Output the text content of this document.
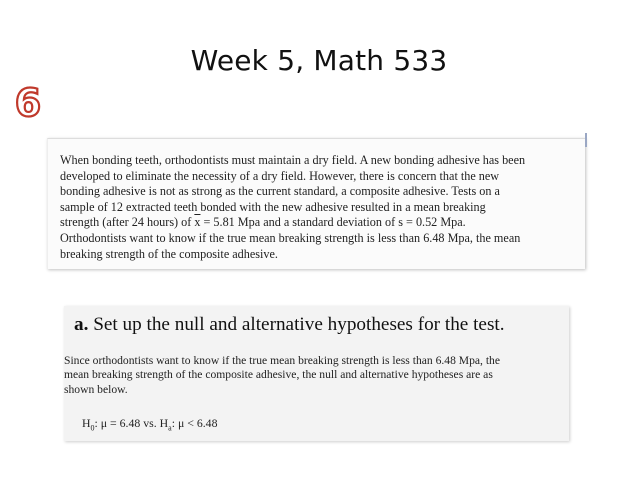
Week 5, Math 533
6
When bonding teeth, orthodontists must maintain a dry field. A new bonding adhesive has been
developed to eliminate the necessity of a dry field. However, there is concern that the new
bonding adhesive is not as strong as the current standard, a composite adhesive. Tests on a
sample of 12 extracted teeth bonded with the new adhesive resulted in a mean breaking
strength (after 24 hours) of $\overline{x} = 5.81$ Mpa and a standard deviation of s = 0.52 Mpa.
Orthodontists want to know if the true mean breaking strength is less than 6.48 Mpa, the mean
breaking strength of the composite adhesive.
a. Set up the null and alternative hypotheses for the test.
Since orthodontists want to know if the true mean breaking strength is less than 6.48 Mpa, the
mean breaking strength of the composite adhesive, the null and alternative hypotheses are as
shown below.
$H_0$: μ = 6.48 vs. $H_a$: μ < 6.48
